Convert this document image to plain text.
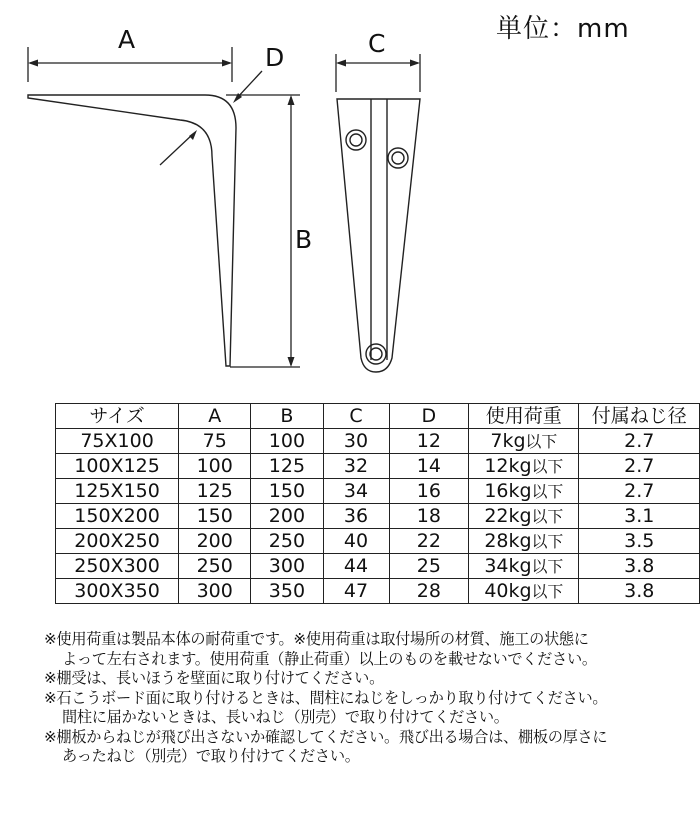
単位：mm
A
D
B
C
サイズ	A	B	C	D	使用荷重	付属ねじ径
75X100	75	100	30	12	7kg以下	2.7
100X125	100	125	32	14	12kg以下	2.7
125X150	125	150	34	16	16kg以下	2.7
150X200	150	200	36	18	22kg以下	3.1
200X250	200	250	40	22	28kg以下	3.5
250X300	250	300	44	25	34kg以下	3.8
300X350	300	350	47	28	40kg以下	3.8
※使用荷重は製品本体の耐荷重です。※使用荷重は取付場所の材質、施工の状態に
よって左右されます。使用荷重（静止荷重）以上のものを載せないでください。
※棚受は、長いほうを壁面に取り付けてください。
※石こうボード面に取り付けるときは、間柱にねじをしっかり取り付けてください。
間柱に届かないときは、長いねじ（別売）で取り付けてください。
※棚板からねじが飛び出さないか確認してください。飛び出る場合は、棚板の厚さに
あったねじ（別売）で取り付けてください。
